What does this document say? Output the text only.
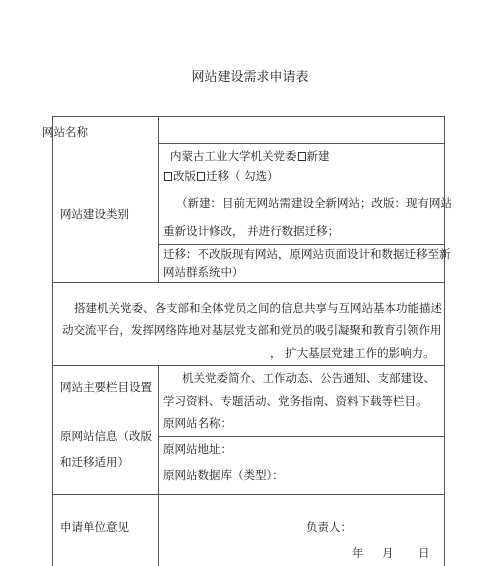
网站建设需求申请表
网站名称
内蒙古工业大学机关党委 新建
改版 迁移（ 勾选）
网站建设类别
（新建：目前无网站需建设全新网站；改版：现有网站
重新设计修改， 并进行数据迁移；
迁移：不改版现有网站，原网站页面设计和数据迁移至新
网站群系统中）
搭建机关党委、各支部和全体党员之间的信息共享与互网站基本功能描述
动交流平台，发挥网络阵地对基层党支部和党员的吸引凝聚和教育引领作用
， 扩大基层党建工作的影响力。
网站主要栏目设置
机关党委简介、工作动态、公告通知、支部建设、
学习资料、专题活动、党务指南、资料下载等栏目。
原网站名称：
原网站信息（改版
原网站地址：
和迁移适用）
原网站数据库（类型）：
申请单位意见	负责人：
年 月 日
